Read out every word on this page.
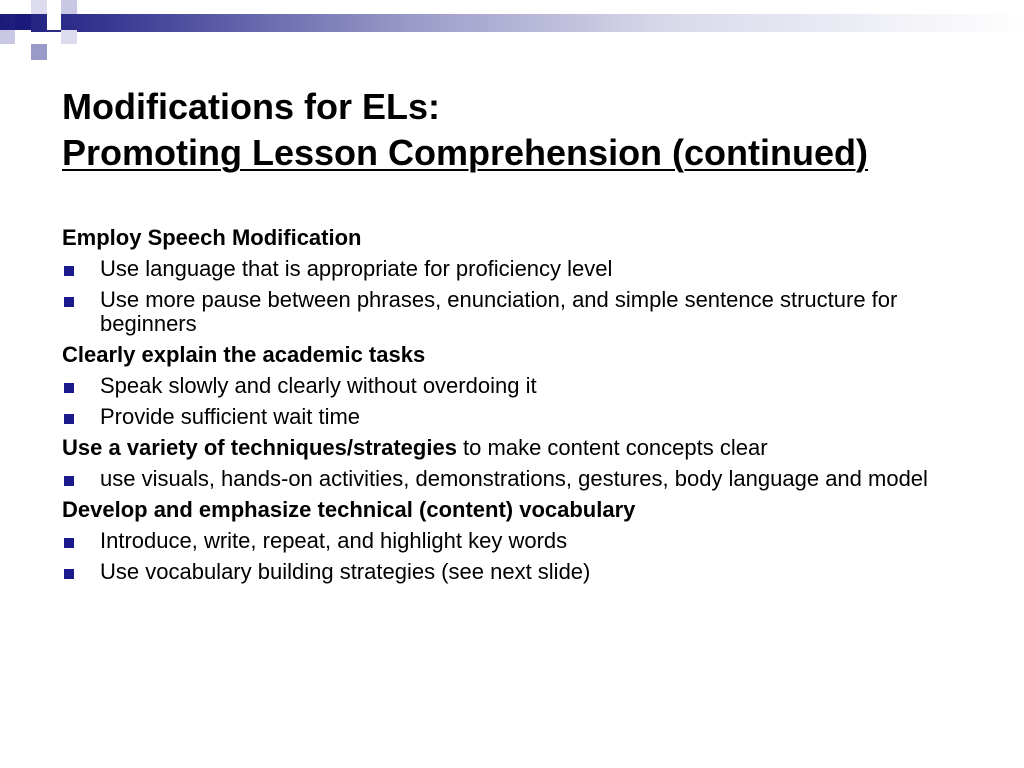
Modifications for ELs:
Promoting Lesson Comprehension (continued)

Employ Speech Modification

Use language that is appropriate for proficiency level

Use more pause between phrases, enunciation, and simple sentence structure for beginners

Clearly explain the academic tasks

Speak slowly and clearly without overdoing it

Provide sufficient wait time

Use a variety of techniques/strategies to make content concepts clear

use visuals, hands-on activities, demonstrations, gestures, body language and model

Develop and emphasize technical (content) vocabulary

Introduce, write, repeat, and highlight key words

Use vocabulary building strategies (see next slide)
